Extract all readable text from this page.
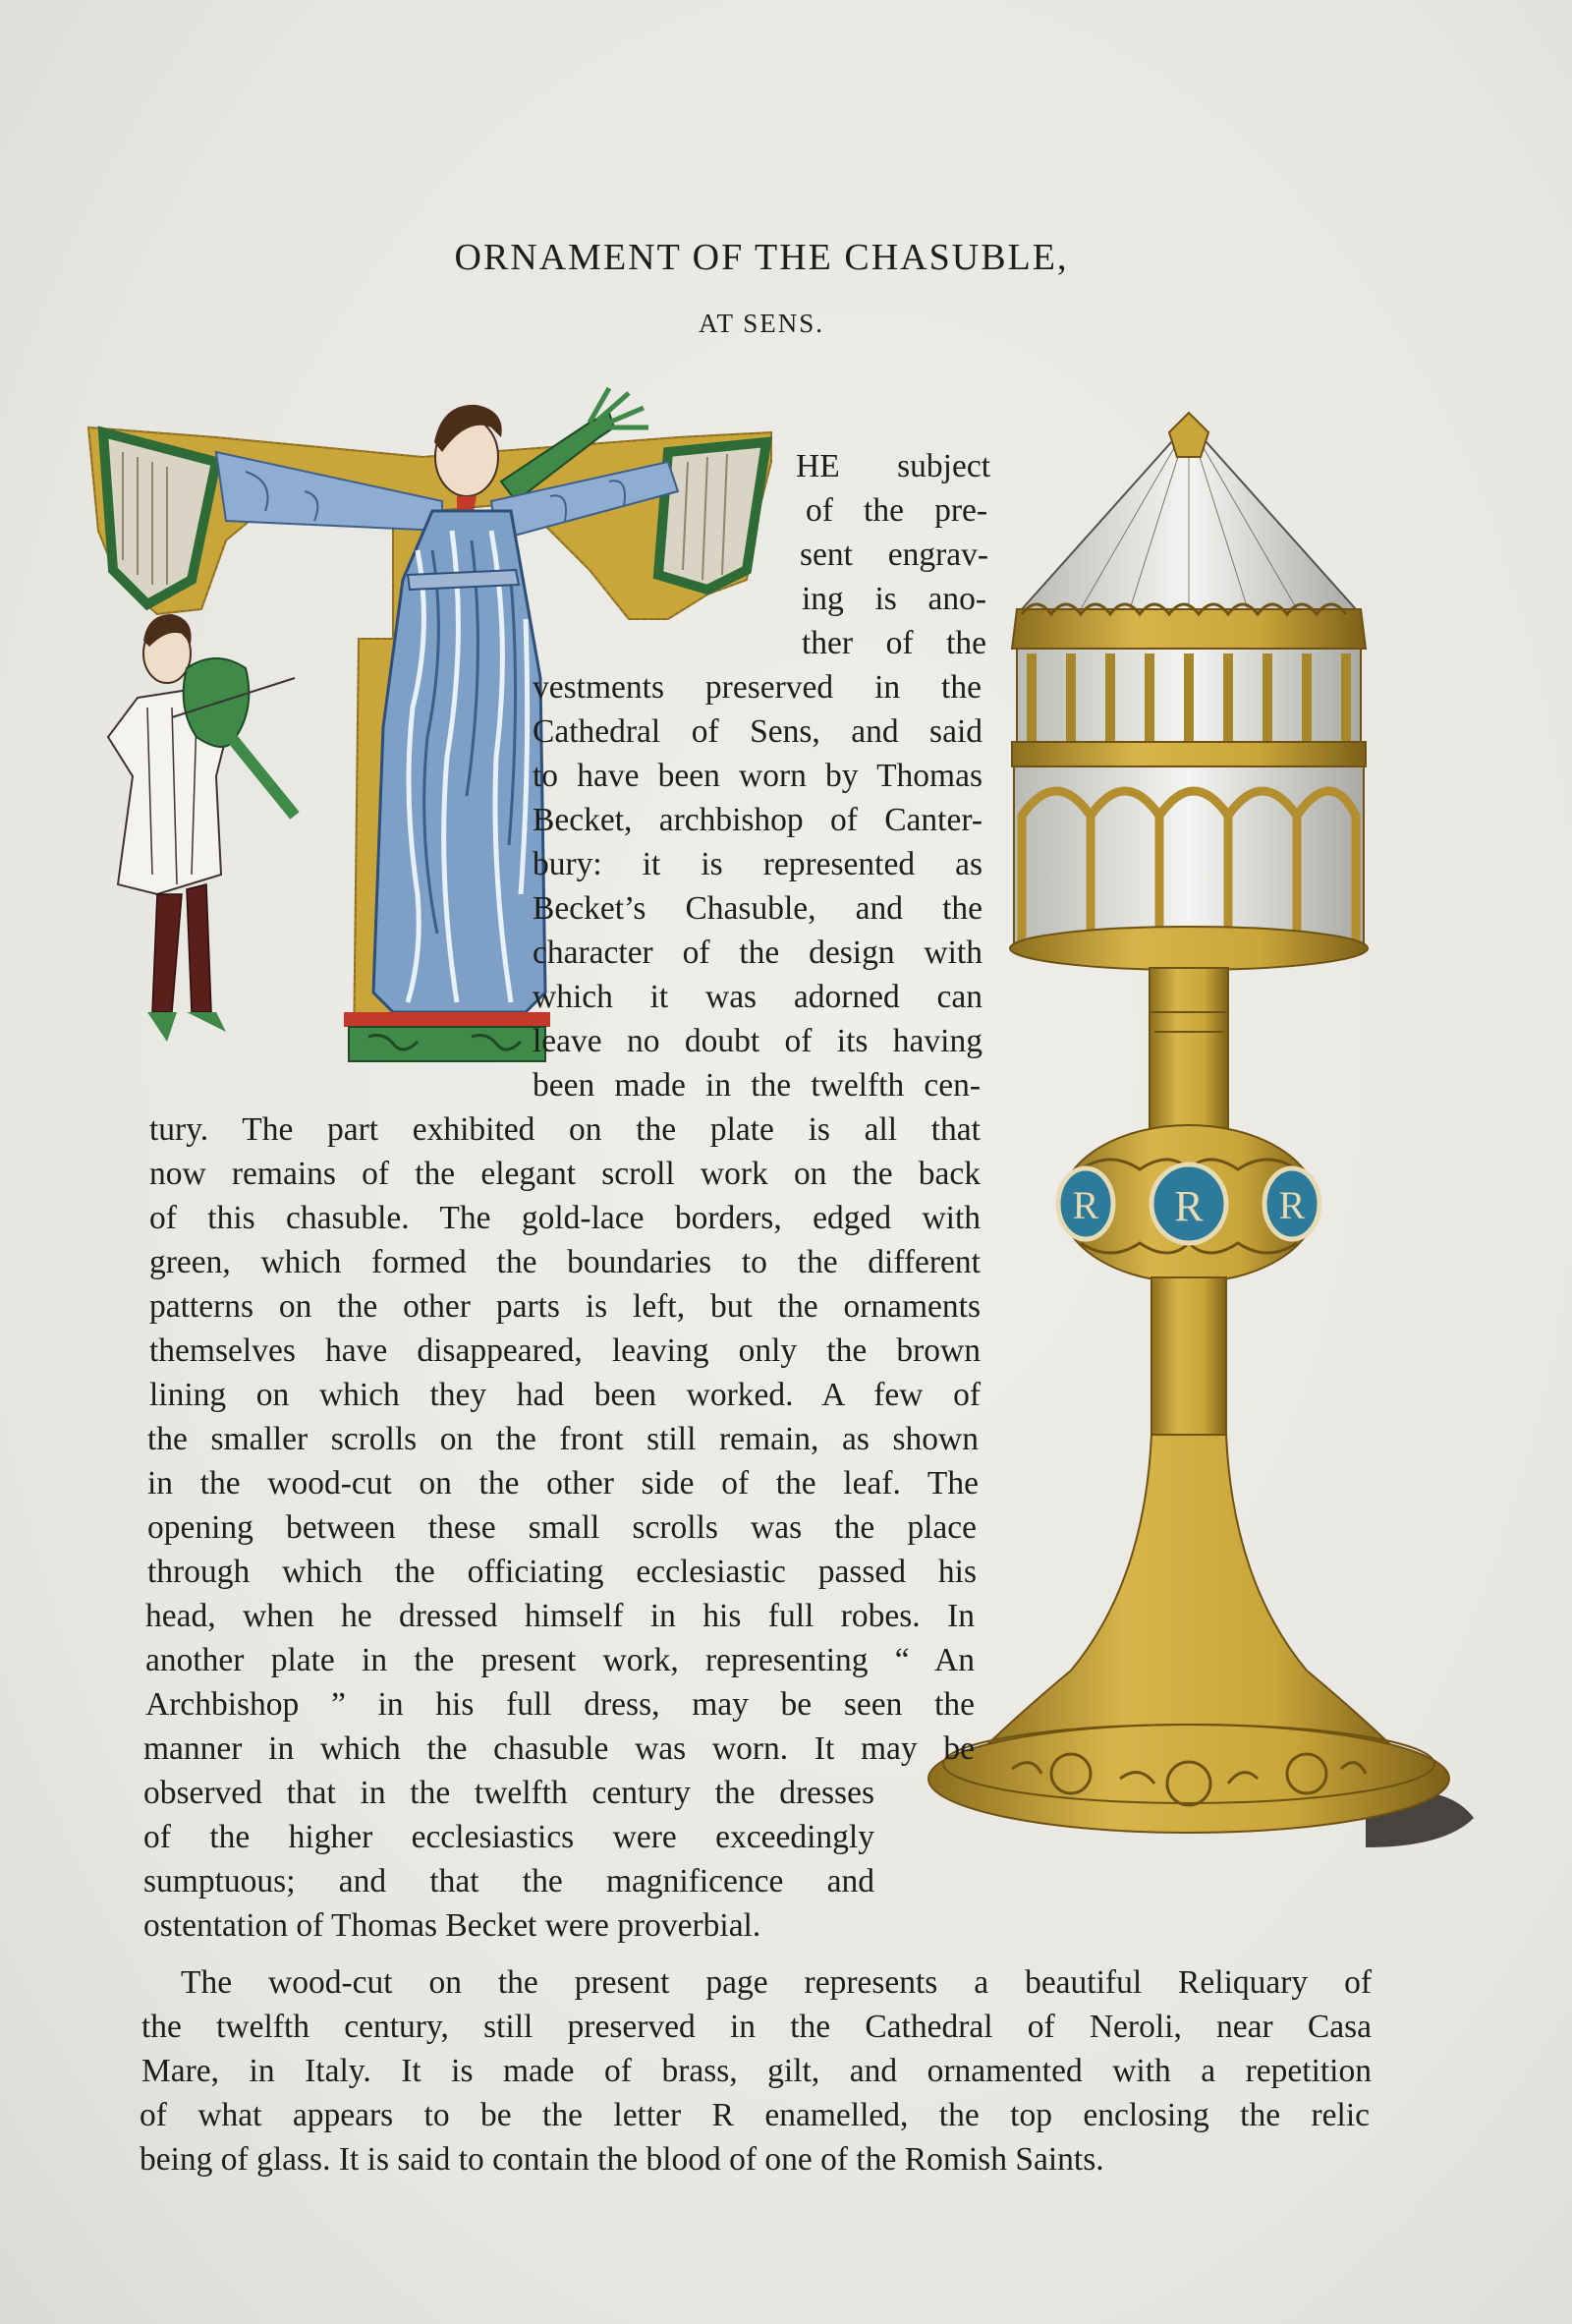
ORNAMENT OF THE CHASUBLE,
AT SENS.
R R R
HE subject
of the pre-
sent engrav-
ing is ano-
ther of the
vestments preserved in the
Cathedral of Sens, and said
to have been worn by Thomas
Becket, archbishop of Canter-
bury: it is represented as
Becket’s Chasuble, and the
character of the design with
which it was adorned can
leave no doubt of its having
been made in the twelfth cen-
tury. The part exhibited on the plate is all that
now remains of the elegant scroll work on the back
of this chasuble. The gold-lace borders, edged with
green, which formed the boundaries to the different
patterns on the other parts is left, but the ornaments
themselves have disappeared, leaving only the brown
lining on which they had been worked. A few of
the smaller scrolls on the front still remain, as shown
in the wood-cut on the other side of the leaf. The
opening between these small scrolls was the place
through which the officiating ecclesiastic passed his
head, when he dressed himself in his full robes. In
another plate in the present work, representing “ An
Archbishop ” in his full dress, may be seen the
manner in which the chasuble was worn. It may be
observed that in the twelfth century the dresses
of the higher ecclesiastics were exceedingly
sumptuous; and that the magnificence and
ostentation of Thomas Becket were proverbial.
The wood-cut on the present page represents a beautiful Reliquary of
the twelfth century, still preserved in the Cathedral of Neroli, near Casa
Mare, in Italy. It is made of brass, gilt, and ornamented with a repetition
of what appears to be the letter R enamelled, the top enclosing the relic
being of glass. It is said to contain the blood of one of the Romish Saints.
